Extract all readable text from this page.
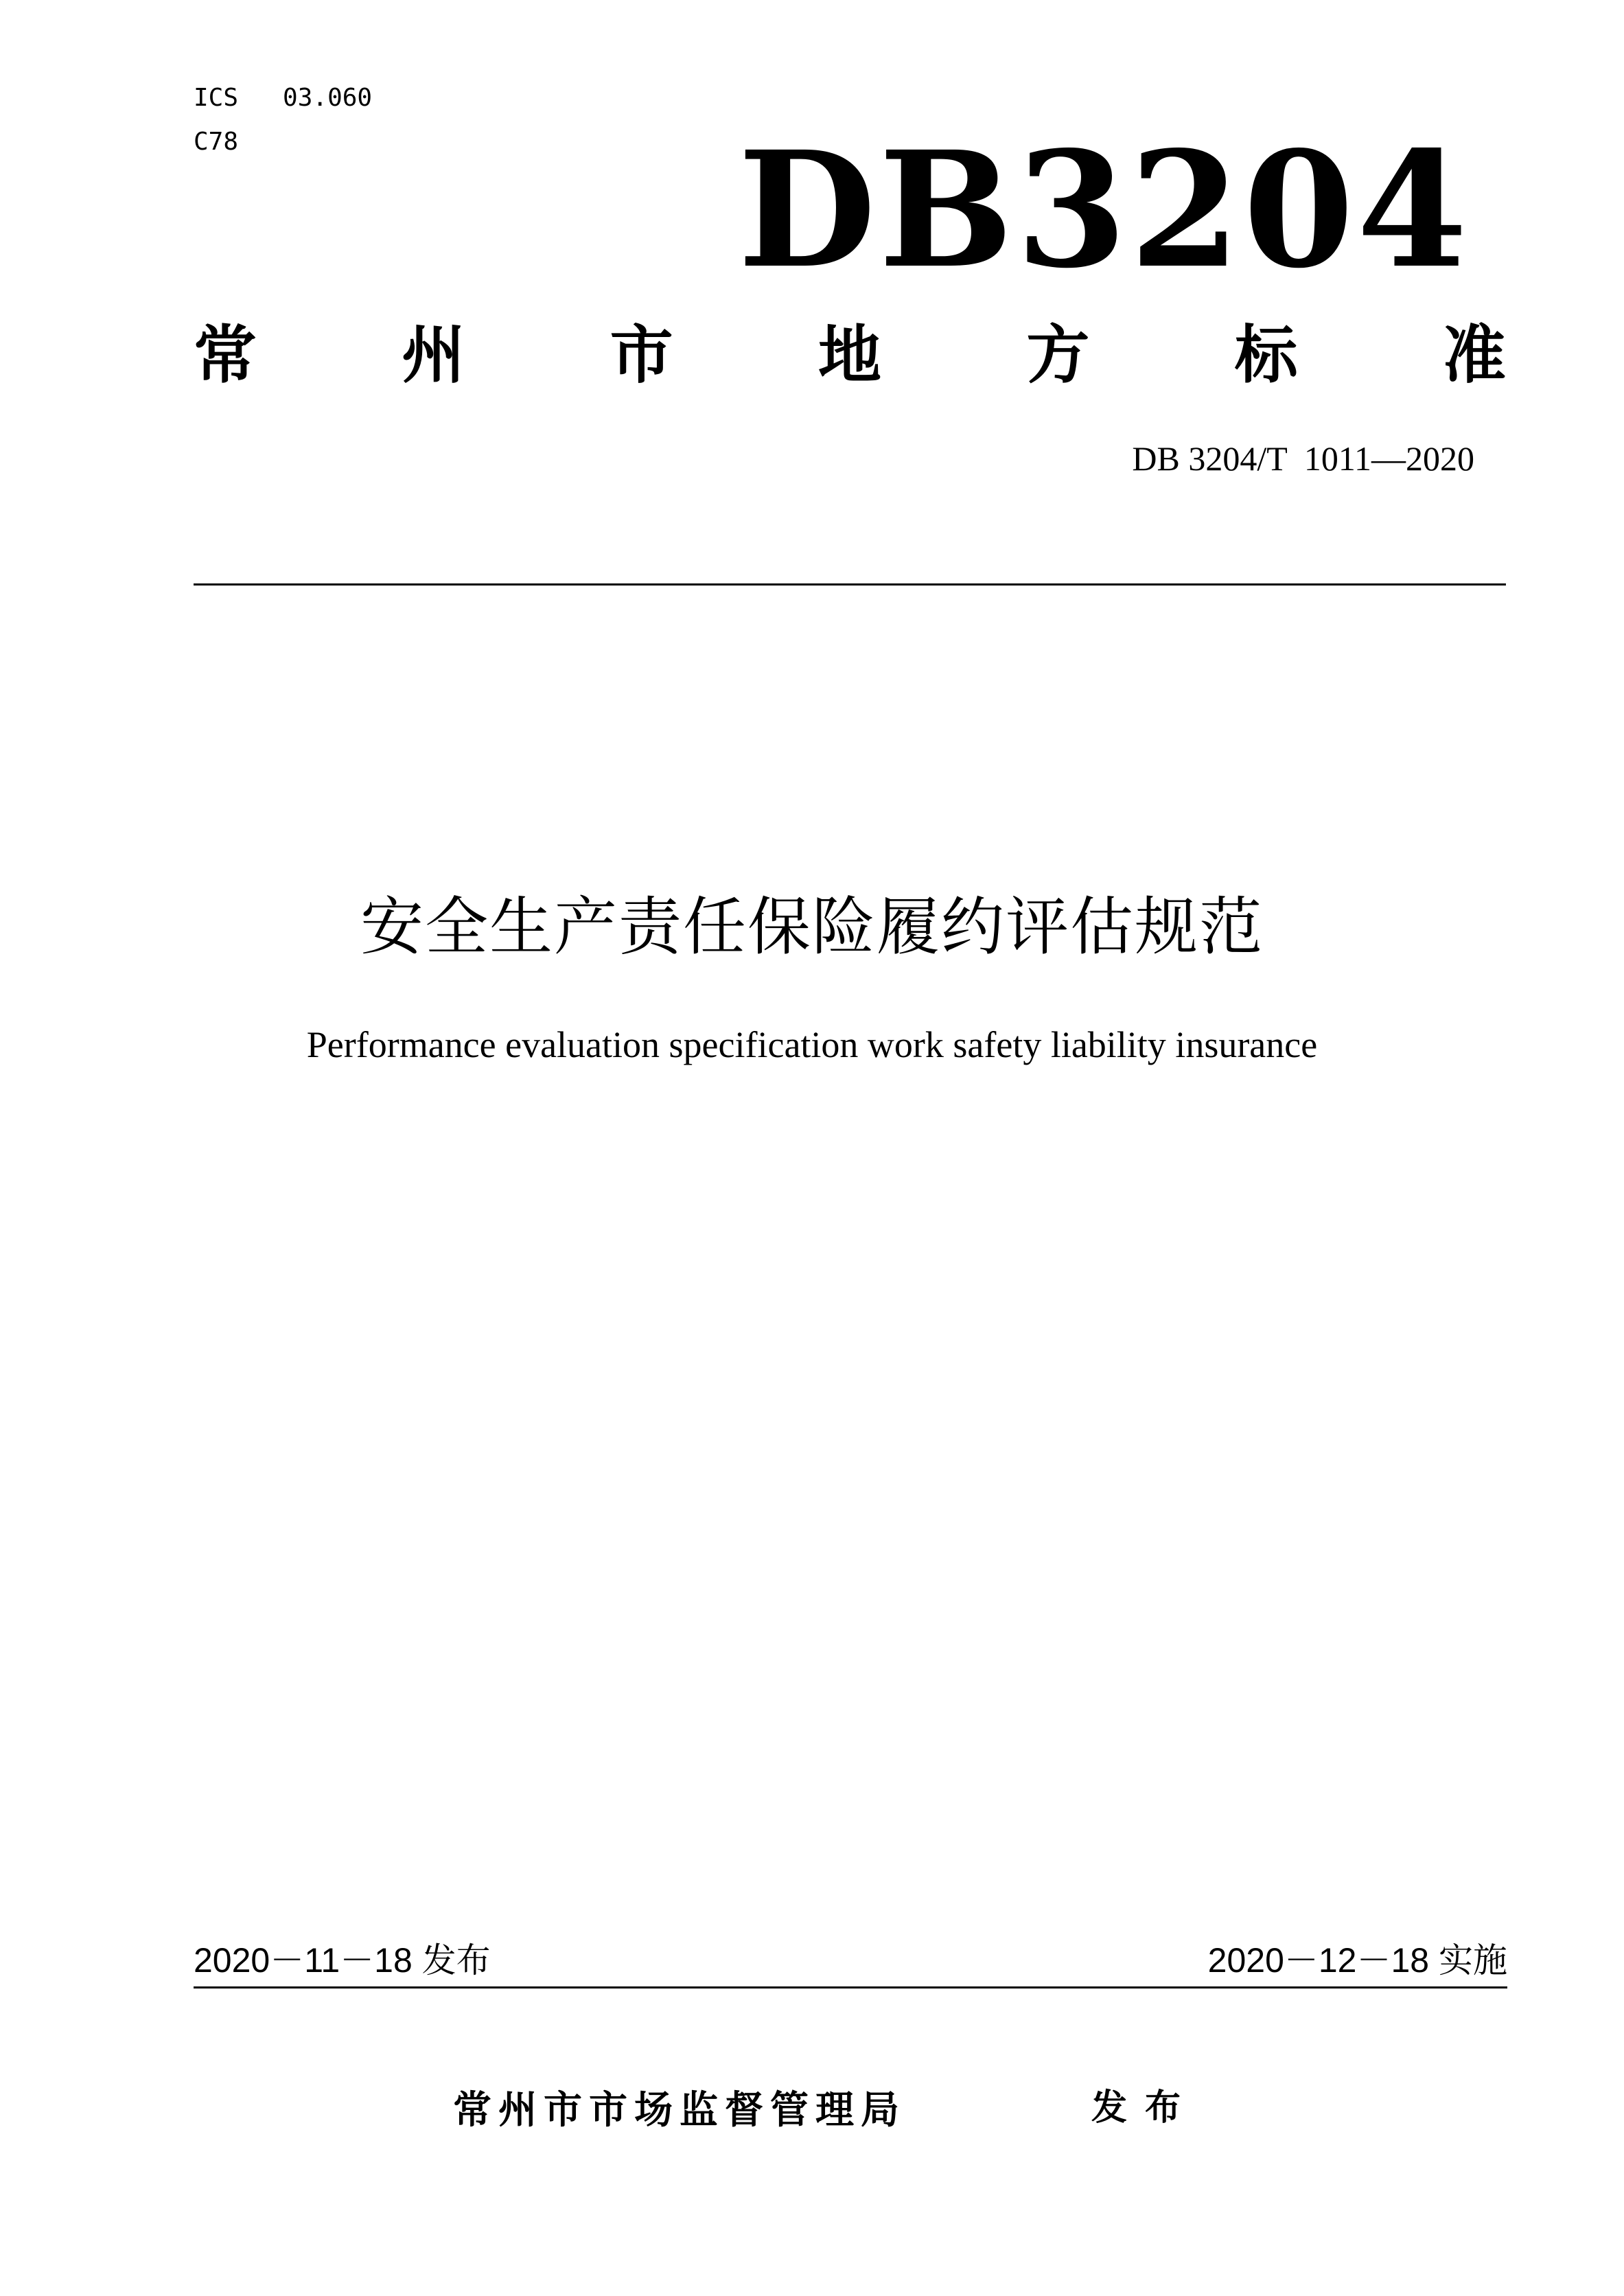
ICS   03.060
C78	DB3204
常 州 市 地 方 标 准
DB 3204/T  1011—2020
安全生产责任保险履约评估规范
Performance evaluation specification work safety liability insurance
2020－11－18 发布	2020－12－18 实施
常州市市场监督管理局	发布
